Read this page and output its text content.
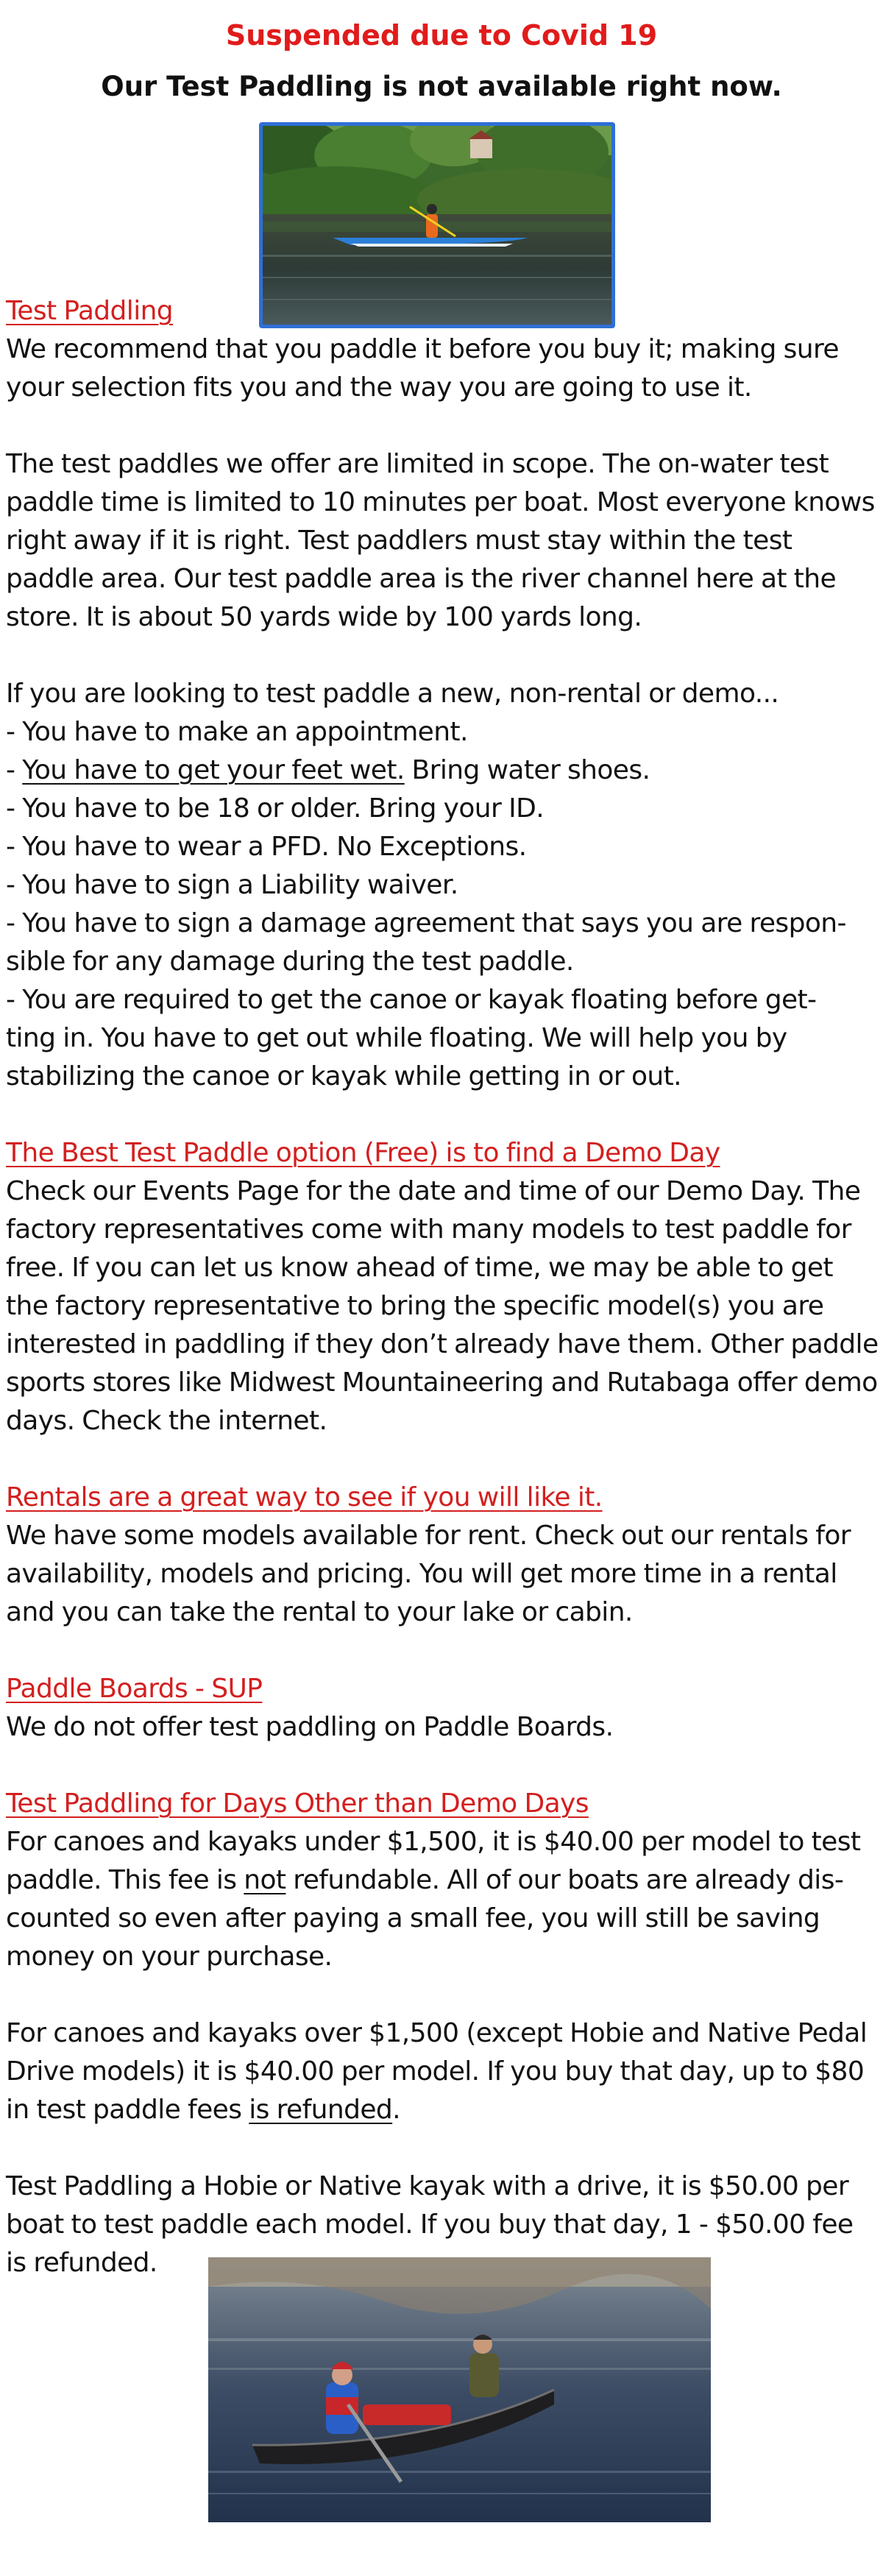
Suspended due to Covid 19
Our Test Paddling is not available right now.

Test Paddling
We recommend that you paddle it before you buy it; making sure
your selection fits you and the way you are going to use it.

The test paddles we offer are limited in scope. The on-water test paddle time is limited to 10 minutes per boat. Most everyone knows right away if it is right. Test paddlers must stay within the test paddle area. Our test paddle area is the river channel here at the store. It is about 50 yards wide by 100 yards long.

If you are looking to test paddle a new, non-rental or demo...
- You have to make an appointment.
- You have to get your feet wet. Bring water shoes.
- You have to be 18 or older. Bring your ID.
- You have to wear a PFD. No Exceptions.
- You have to sign a Liability waiver.
- You have to sign a damage agreement that says you are respon-
sible for any damage during the test paddle.
- You are required to get the canoe or kayak floating before get-
ting in. You have to get out while floating. We will help you by stabilizing the canoe or kayak while getting in or out.

The Best Test Paddle option (Free) is to find a Demo Day
Check our Events Page for the date and time of our Demo Day. The factory representatives come with many models to test paddle for free. If you can let us know ahead of time, we may be able to get the factory representative to bring the specific model(s) you are interested in paddling if they don’t already have them. Other paddle sports stores like Midwest Mountaineering and Rutabaga offer demo days. Check the internet.

Rentals are a great way to see if you will like it.
We have some models available for rent. Check out our rentals for availability, models and pricing. You will get more time in a rental and you can take the rental to your lake or cabin.

Paddle Boards - SUP
We do not offer test paddling on Paddle Boards.

Test Paddling for Days Other than Demo Days
For canoes and kayaks under $1,500, it is $40.00 per model to test paddle. This fee is not refundable. All of our boats are already dis-
counted so even after paying a small fee, you will still be saving money on your purchase.

For canoes and kayaks over $1,500 (except Hobie and Native Pedal Drive models) it is $40.00 per model. If you buy that day, up to $80 in test paddle fees is refunded.

Test Paddling a Hobie or Native kayak with a drive, it is $50.00 per boat to test paddle each model. If you buy that day, 1 - $50.00 fee is refunded.
